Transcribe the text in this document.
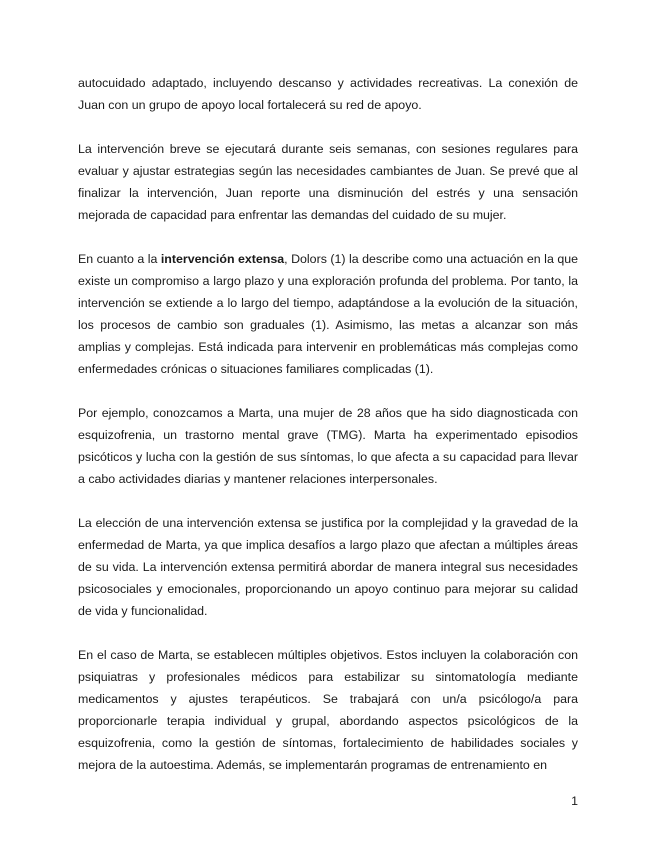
autocuidado adaptado, incluyendo descanso y actividades recreativas. La conexión de Juan con un grupo de apoyo local fortalecerá su red de apoyo.

La intervención breve se ejecutará durante seis semanas, con sesiones regulares para evaluar y ajustar estrategias según las necesidades cambiantes de Juan. Se prevé que al finalizar la intervención, Juan reporte una disminución del estrés y una sensación mejorada de capacidad para enfrentar las demandas del cuidado de su mujer.

En cuanto a la intervención extensa, Dolors (1) la describe como una actuación en la que existe un compromiso a largo plazo y una exploración profunda del problema. Por tanto, la intervención se extiende a lo largo del tiempo, adaptándose a la evolución de la situación, los procesos de cambio son graduales (1). Asimismo, las metas a alcanzar son más amplias y complejas. Está indicada para intervenir en problemáticas más complejas como enfermedades crónicas o situaciones familiares complicadas (1).

Por ejemplo, conozcamos a Marta, una mujer de 28 años que ha sido diagnosticada con esquizofrenia, un trastorno mental grave (TMG). Marta ha experimentado episodios psicóticos y lucha con la gestión de sus síntomas, lo que afecta a su capacidad para llevar a cabo actividades diarias y mantener relaciones interpersonales.

La elección de una intervención extensa se justifica por la complejidad y la gravedad de la enfermedad de Marta, ya que implica desafíos a largo plazo que afectan a múltiples áreas de su vida. La intervención extensa permitirá abordar de manera integral sus necesidades psicosociales y emocionales, proporcionando un apoyo continuo para mejorar su calidad de vida y funcionalidad.

En el caso de Marta, se establecen múltiples objetivos. Estos incluyen la colaboración con psiquiatras y profesionales médicos para estabilizar su sintomatología mediante medicamentos y ajustes terapéuticos. Se trabajará con un/a psicólogo/a para proporcionarle terapia individual y grupal, abordando aspectos psicológicos de la esquizofrenia, como la gestión de síntomas, fortalecimiento de habilidades sociales y mejora de la autoestima. Además, se implementarán programas de entrenamiento en

1
